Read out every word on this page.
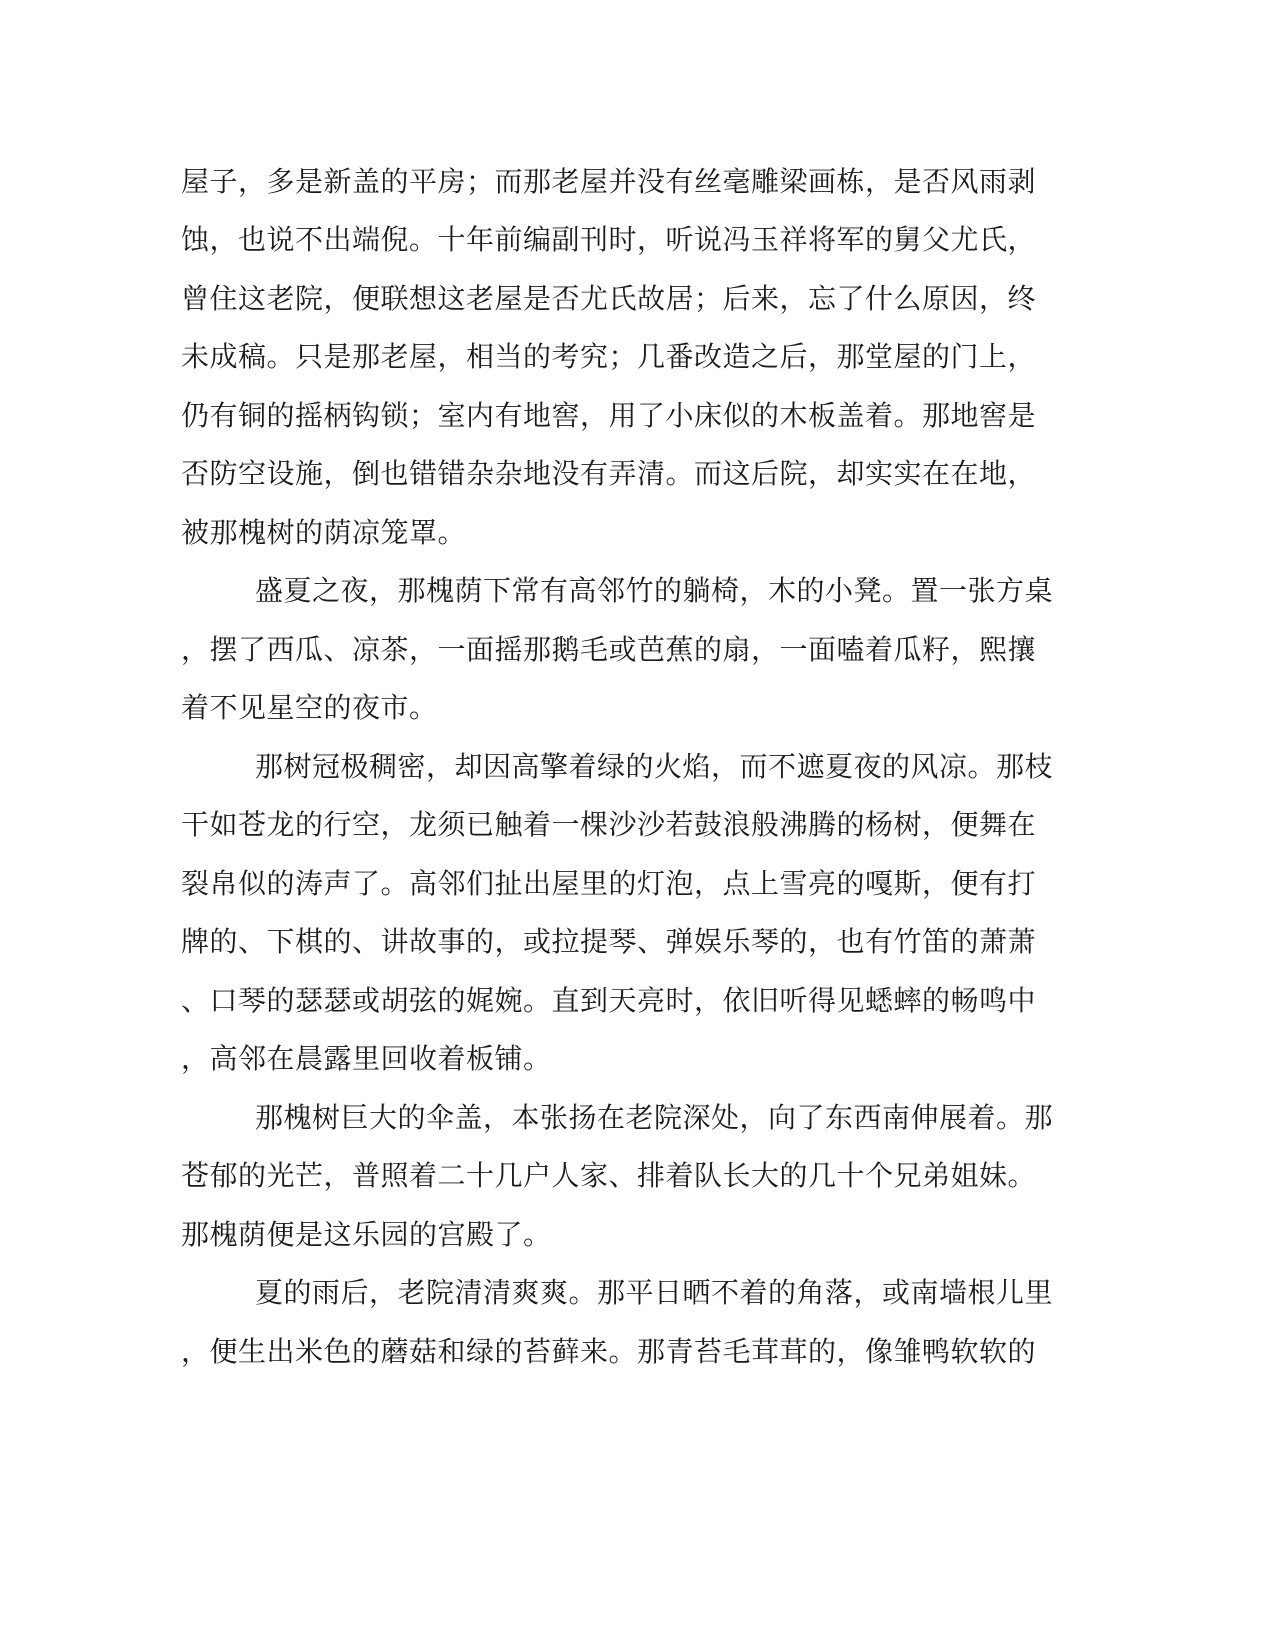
屋子，多是新盖的平房；而那老屋并没有丝毫雕梁画栋，是否风雨剥
蚀，也说不出端倪。十年前编副刊时，听说冯玉祥将军的舅父尤氏，
曾住这老院，便联想这老屋是否尤氏故居；后来，忘了什么原因，终
未成稿。只是那老屋，相当的考究；几番改造之后，那堂屋的门上，
仍有铜的摇柄钩锁；室内有地窖，用了小床似的木板盖着。那地窖是
否防空设施，倒也错错杂杂地没有弄清。而这后院，却实实在在地，
被那槐树的荫凉笼罩。
盛夏之夜，那槐荫下常有高邻竹的躺椅，木的小凳。置一张方桌
，摆了西瓜、凉茶，一面摇那鹅毛或芭蕉的扇，一面嗑着瓜籽，熙攘
着不见星空的夜市。
那树冠极稠密，却因高擎着绿的火焰，而不遮夏夜的风凉。那枝
干如苍龙的行空，龙须已触着一棵沙沙若鼓浪般沸腾的杨树，便舞在
裂帛似的涛声了。高邻们扯出屋里的灯泡，点上雪亮的嘎斯，便有打
牌的、下棋的、讲故事的，或拉提琴、弹娱乐琴的，也有竹笛的萧萧
、口琴的瑟瑟或胡弦的娓婉。直到天亮时，依旧听得见蟋蟀的畅鸣中
，高邻在晨露里回收着板铺。
那槐树巨大的伞盖，本张扬在老院深处，向了东西南伸展着。那
苍郁的光芒，普照着二十几户人家、排着队长大的几十个兄弟姐妹。
那槐荫便是这乐园的宫殿了。
夏的雨后，老院清清爽爽。那平日晒不着的角落，或南墙根儿里
，便生出米色的蘑菇和绿的苔藓来。那青苔毛茸茸的，像雏鸭软软的
